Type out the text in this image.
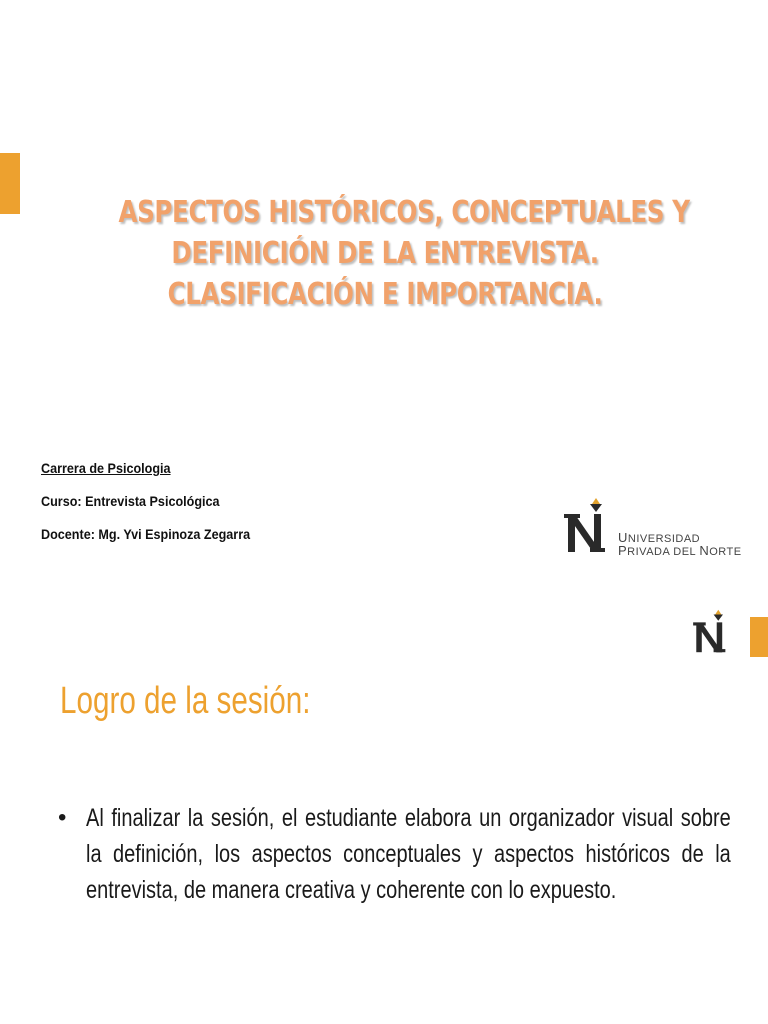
ASPECTOS HISTÓRICOS, CONCEPTUALES Y
DEFINICIÓN DE LA ENTREVISTA.
CLASIFICACIÓN E IMPORTANCIA.
Carrera de Psicologia
Curso: Entrevista Psicológica
Docente: Mg. Yvi Espinoza Zegarra	UNIVERSIDAD
PRIVADA DEL NORTE
Logro de la sesión:
• Al finalizar la sesión, el estudiante elabora un organizador visual sobre la definición, los aspectos conceptuales y aspectos históricos de la entrevista, de manera creativa y coherente con lo expuesto.
